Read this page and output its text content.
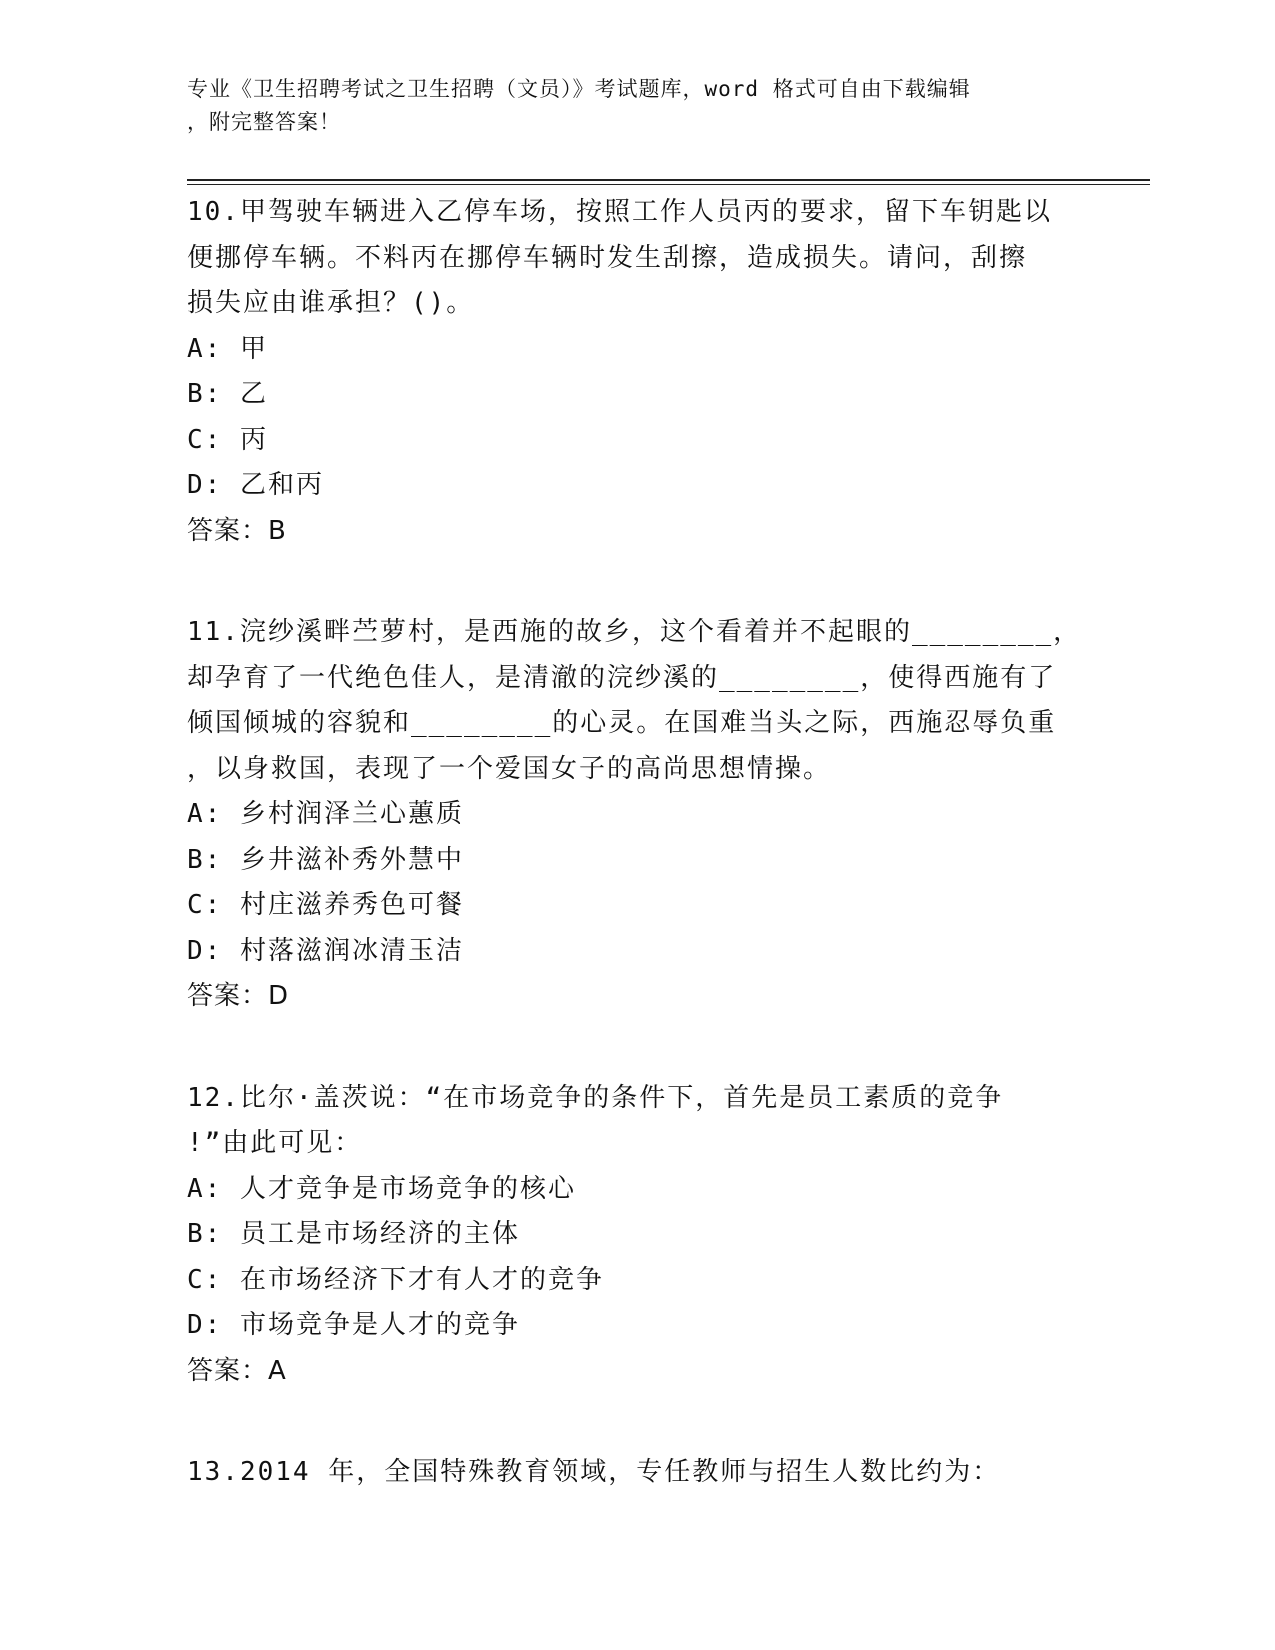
专业《卫生招聘考试之卫生招聘（文员）》考试题库，word 格式可自由下载编辑
，附完整答案！

10.甲驾驶车辆进入乙停车场，按照工作人员丙的要求，留下车钥匙以

便挪停车辆。不料丙在挪停车辆时发生刮擦，造成损失。请问，刮擦

损失应由谁承担？()。

A: 甲

B: 乙

C: 丙

D: 乙和丙

答案：B

11.浣纱溪畔苎萝村，是西施的故乡，这个看着并不起眼的________，

却孕育了一代绝色佳人，是清澈的浣纱溪的________，使得西施有了

倾国倾城的容貌和________的心灵。在国难当头之际，西施忍辱负重

，以身救国，表现了一个爱国女子的高尚思想情操。

A: 乡村润泽兰心蕙质

B: 乡井滋补秀外慧中

C: 村庄滋养秀色可餐

D: 村落滋润冰清玉洁

答案：D

12.比尔·盖茨说：“在市场竞争的条件下，首先是员工素质的竞争

!”由此可见：

A: 人才竞争是市场竞争的核心

B: 员工是市场经济的主体

C: 在市场经济下才有人才的竞争

D: 市场竞争是人才的竞争

答案：A

13.2014 年，全国特殊教育领域，专任教师与招生人数比约为：
